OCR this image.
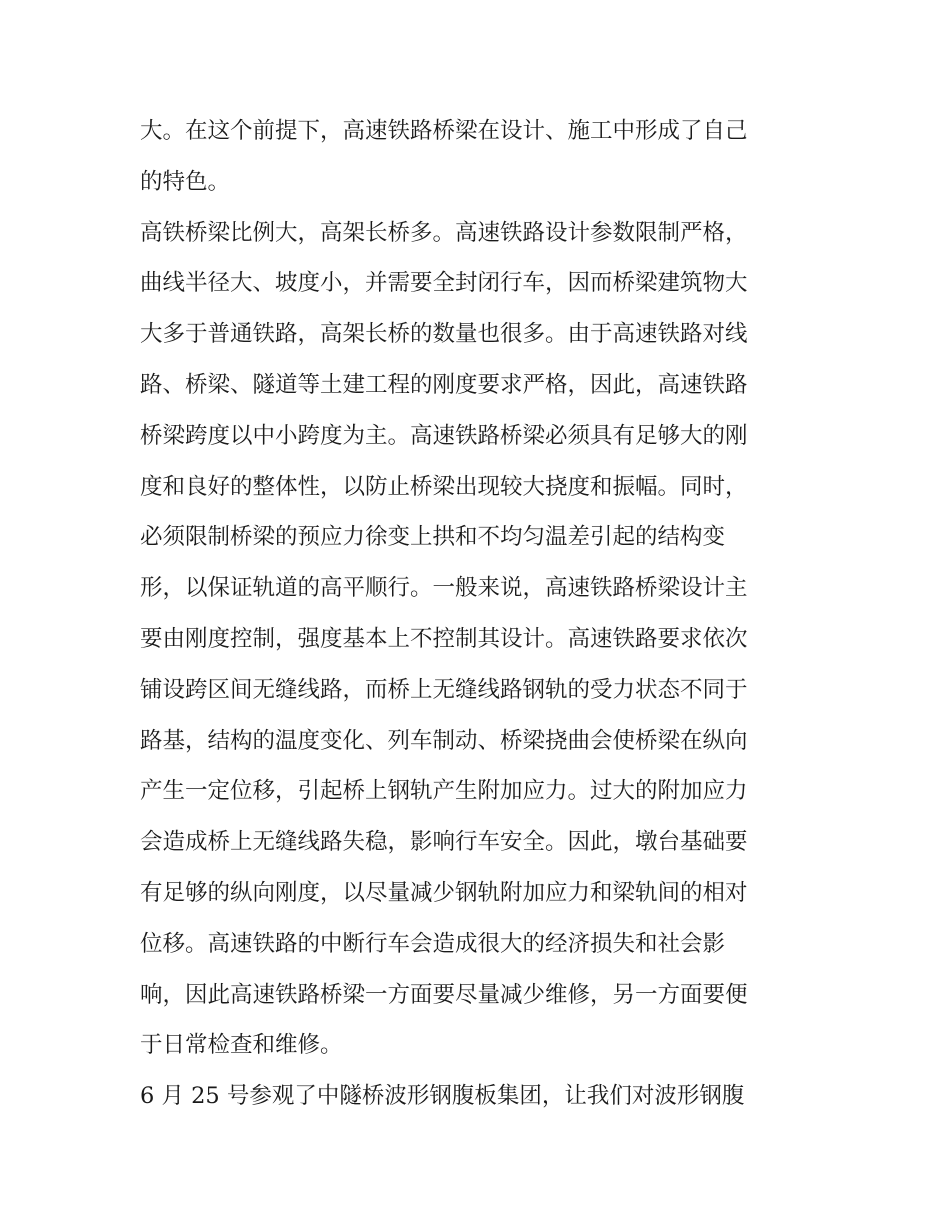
大。在这个前提下，高速铁路桥梁在设计、施工中形成了自己
的特色。
高铁桥梁比例大，高架长桥多。高速铁路设计参数限制严格，
曲线半径大、坡度小，并需要全封闭行车，因而桥梁建筑物大
大多于普通铁路，高架长桥的数量也很多。由于高速铁路对线
路、桥梁、隧道等土建工程的刚度要求严格，因此，高速铁路
桥梁跨度以中小跨度为主。高速铁路桥梁必须具有足够大的刚
度和良好的整体性，以防止桥梁出现较大挠度和振幅。同时，
必须限制桥梁的预应力徐变上拱和不均匀温差引起的结构变
形，以保证轨道的高平顺行。一般来说，高速铁路桥梁设计主
要由刚度控制，强度基本上不控制其设计。高速铁路要求依次
铺设跨区间无缝线路，而桥上无缝线路钢轨的受力状态不同于
路基，结构的温度变化、列车制动、桥梁挠曲会使桥梁在纵向
产生一定位移，引起桥上钢轨产生附加应力。过大的附加应力
会造成桥上无缝线路失稳，影响行车安全。因此，墩台基础要
有足够的纵向刚度，以尽量减少钢轨附加应力和梁轨间的相对
位移。高速铁路的中断行车会造成很大的经济损失和社会影
响，因此高速铁路桥梁一方面要尽量减少维修，另一方面要便
于日常检查和维修。
6 月 25 号参观了中隧桥波形钢腹板集团，让我们对波形钢腹
